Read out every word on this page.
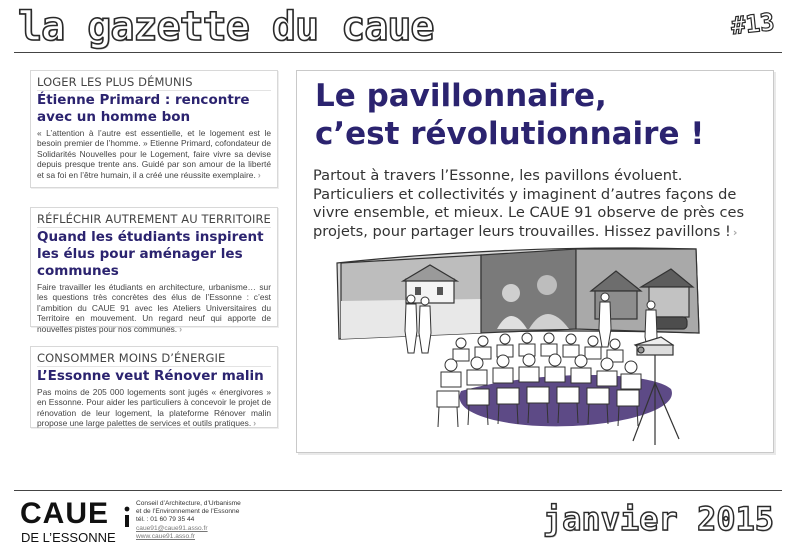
la gazette du caue	#13
LOGER LES PLUS DÉMUNIS
Étienne Primard : rencontre avec un homme bon
« L’attention à l’autre est essentielle, et le logement est le besoin premier de l’homme. » Etienne Primard, cofondateur de Solidarités Nouvelles pour le Logement, faire vivre sa devise depuis presque trente ans. Guidé par son amour de la liberté et sa foi en l’être humain, il a créé une réussite exemplaire. ›
RÉFLÉCHIR AUTREMENT AU TERRITOIRE
Quand les étudiants inspirent les élus pour aménager les communes
Faire travailler les étudiants en architecture, urbanisme… sur les questions très concrètes des élus de l’Essonne : c’est l’ambition du CAUE 91 avec les Ateliers Universitaires du Territoire en mouvement. Un regard neuf qui apporte de nouvelles pistes pour nos communes. ›
CONSOMMER MOINS D’ÉNERGIE
L’Essonne veut Rénover malin
Pas moins de 205 000 logements sont jugés « énergivores » en Essonne. Pour aider les particuliers à concevoir le projet de rénovation de leur logement, la plateforme Rénover malin propose une large palettes de services et outils pratiques. ›
Le pavillonnaire,
c’est révolutionnaire !
Partout à travers l’Essonne, les pavillons évoluent. Particuliers et collectivités y imaginent d’autres façons de vivre ensemble, et mieux. Le CAUE 91 observe de près ces projets, pour partager leurs trouvailles. Hissez pavillons ! ›
CAUE
DE L’ESSONNE
Conseil d’Architecture, d’Urbanisme
et de l’Environnement de l’Essonne
tél. : 01 60 79 35 44
caue91@caue91.asso.fr
www.caue91.asso.fr	janvier 2015
